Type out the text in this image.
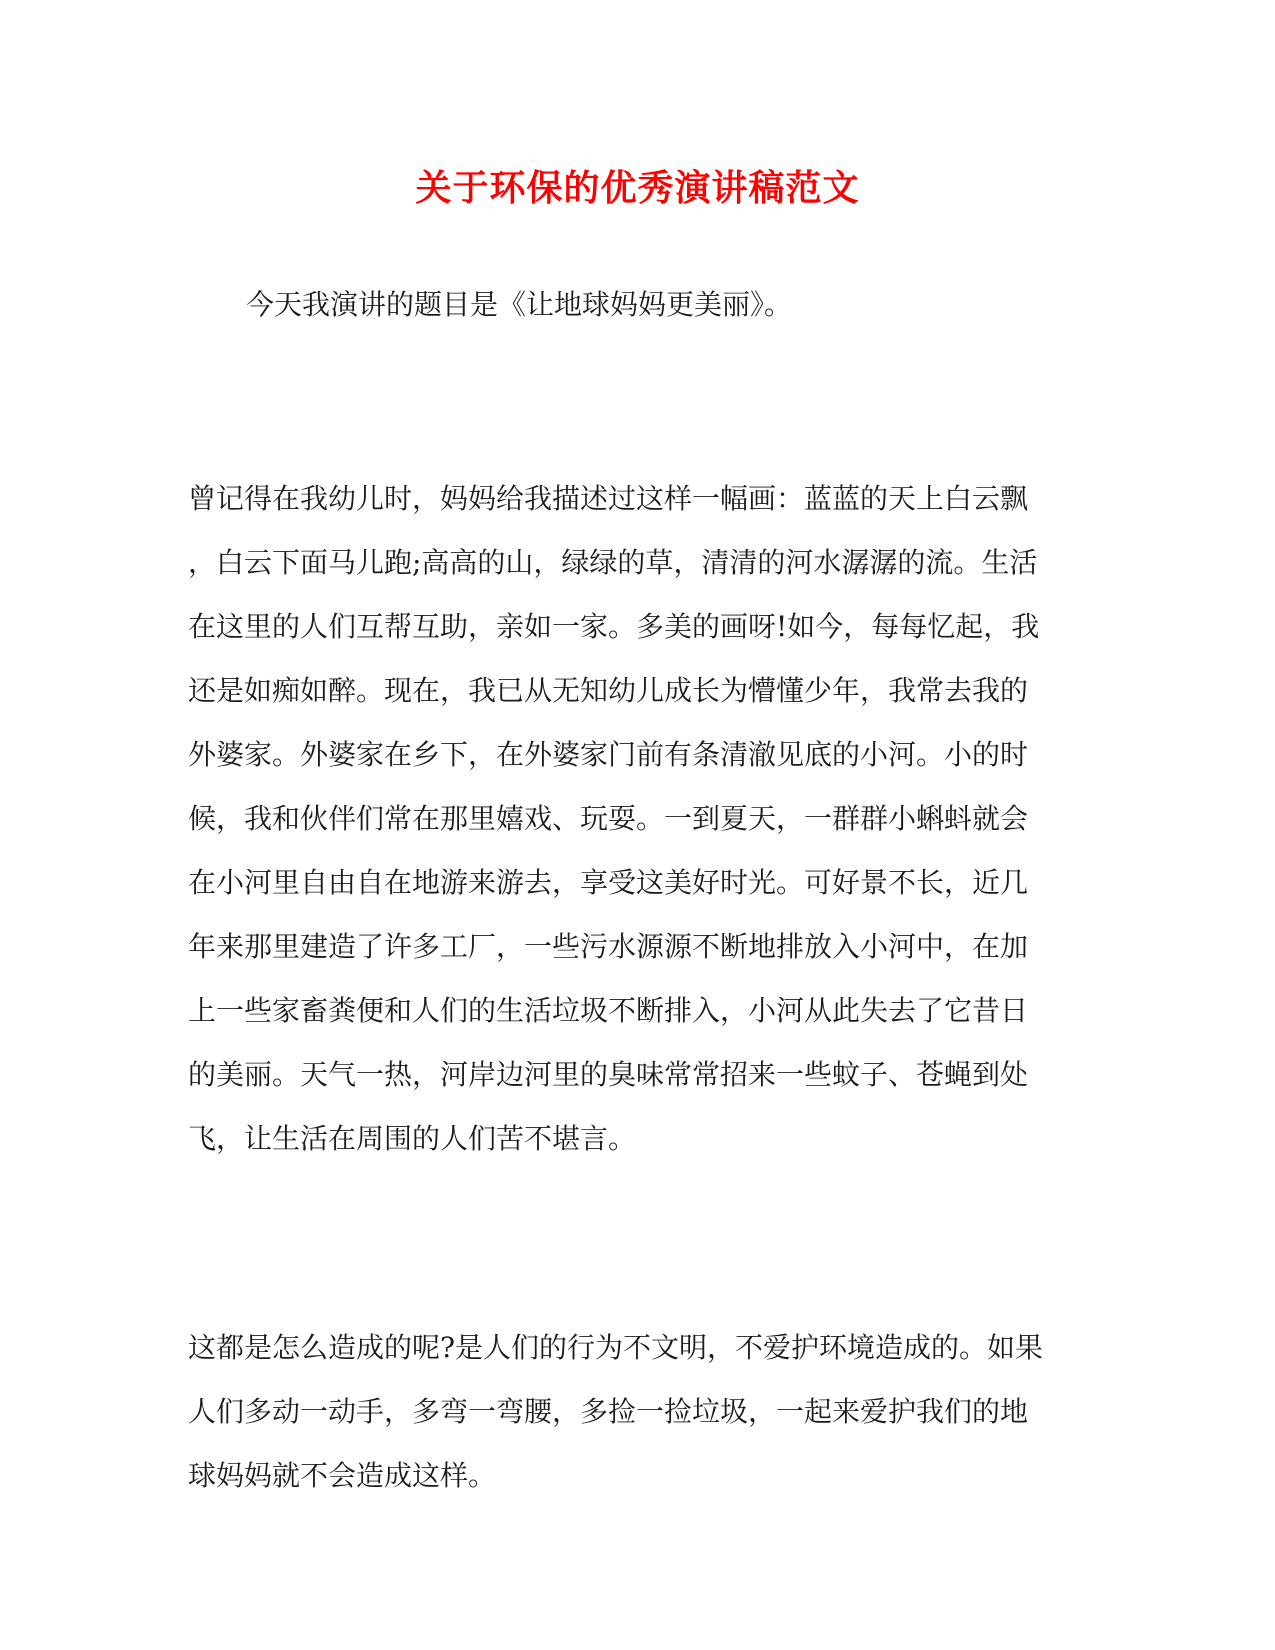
关于环保的优秀演讲稿范文
今天我演讲的题目是《让地球妈妈更美丽》。
曾记得在我幼儿时，妈妈给我描述过这样一幅画：蓝蓝的天上白云飘
，白云下面马儿跑;高高的山，绿绿的草，清清的河水潺潺的流。生活
在这里的人们互帮互助，亲如一家。多美的画呀!如今，每每忆起，我
还是如痴如醉。现在，我已从无知幼儿成长为懵懂少年，我常去我的
外婆家。外婆家在乡下，在外婆家门前有条清澈见底的小河。小的时
候，我和伙伴们常在那里嬉戏、玩耍。一到夏天，一群群小蝌蚪就会
在小河里自由自在地游来游去，享受这美好时光。可好景不长，近几
年来那里建造了许多工厂，一些污水源源不断地排放入小河中，在加
上一些家畜粪便和人们的生活垃圾不断排入，小河从此失去了它昔日
的美丽。天气一热，河岸边河里的臭味常常招来一些蚊子、苍蝇到处
飞，让生活在周围的人们苦不堪言。
这都是怎么造成的呢?是人们的行为不文明，不爱护环境造成的。如果
人们多动一动手，多弯一弯腰，多捡一捡垃圾，一起来爱护我们的地
球妈妈就不会造成这样。
